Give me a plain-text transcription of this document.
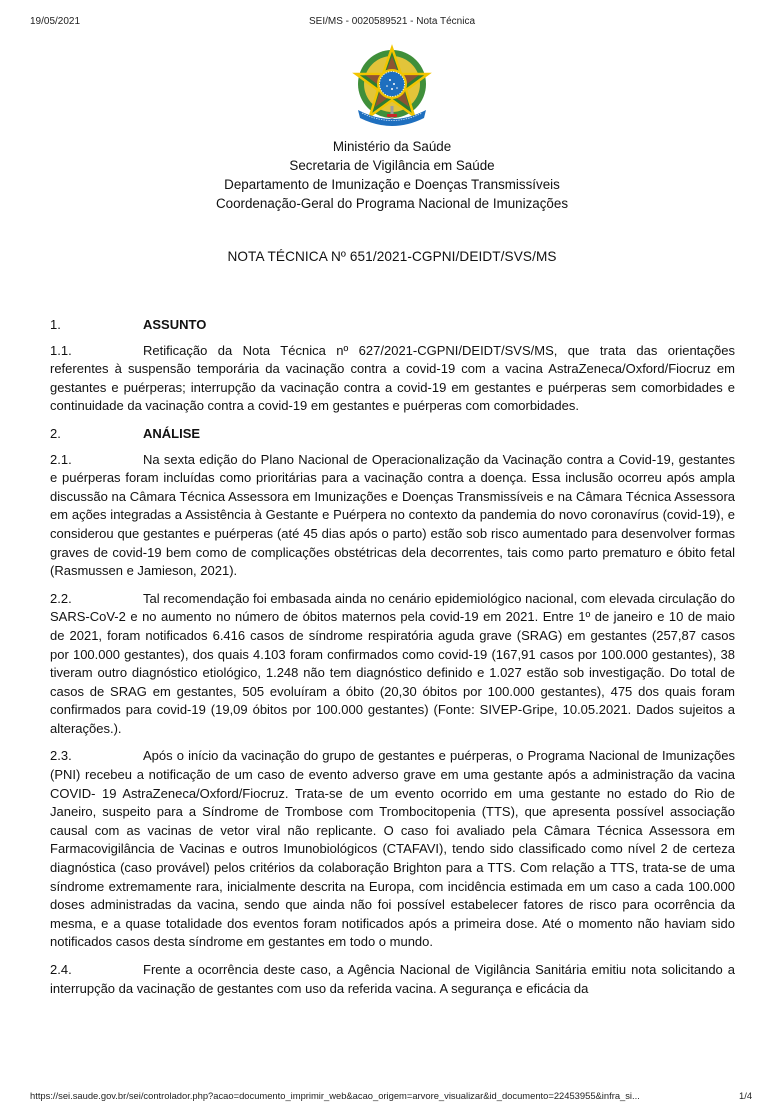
19/05/2021	SEI/MS - 0020589521 - Nota Técnica
Ministério da Saúde
Secretaria de Vigilância em Saúde
Departamento de Imunização e Doenças Transmissíveis
Coordenação-Geral do Programa Nacional de Imunizações
NOTA TÉCNICA Nº 651/2021-CGPNI/DEIDT/SVS/MS
1.	ASSUNTO

1.1.	Retificação da Nota Técnica nº 627/2021-CGPNI/DEIDT/SVS/MS, que trata das orientações referentes à suspensão temporária da vacinação contra a covid-19 com a vacina AstraZeneca/Oxford/Fiocruz em gestantes e puérperas; interrupção da vacinação contra a covid-19 em gestantes e puérperas sem comorbidades e continuidade da vacinação contra a covid-19 em gestantes e puérperas com comorbidades.

2.	ANÁLISE

2.1.	Na sexta edição do Plano Nacional de Operacionalização da Vacinação contra a Covid-19, gestantes e puérperas foram incluídas como prioritárias para a vacinação contra a doença. Essa inclusão ocorreu após ampla discussão na Câmara Técnica Assessora em Imunizações e Doenças Transmissíveis e na Câmara Técnica Assessora em ações integradas a Assistência à Gestante e Puérpera no contexto da pandemia do novo coronavírus (covid-19), e considerou que gestantes e puérperas (até 45 dias após o parto) estão sob risco aumentado para desenvolver formas graves de covid-19 bem como de complicações obstétricas dela decorrentes, tais como parto prematuro e óbito fetal (Rasmussen e Jamieson, 2021).

2.2.	Tal recomendação foi embasada ainda no cenário epidemiológico nacional, com elevada circulação do SARS-CoV-2 e no aumento no número de óbitos maternos pela covid-19 em 2021. Entre 1º de janeiro e 10 de maio de 2021, foram notificados 6.416 casos de síndrome respiratória aguda grave (SRAG) em gestantes (257,87 casos por 100.000 gestantes), dos quais 4.103 foram confirmados como covid-19 (167,91 casos por 100.000 gestantes), 38 tiveram outro diagnóstico etiológico, 1.248 não tem diagnóstico definido e 1.027 estão sob investigação. Do total de casos de SRAG em gestantes, 505 evoluíram a óbito (20,30 óbitos por 100.000 gestantes), 475 dos quais foram confirmados para covid-19 (19,09 óbitos por 100.000 gestantes) (Fonte: SIVEP-Gripe, 10.05.2021. Dados sujeitos a alterações.).

2.3.	Após o início da vacinação do grupo de gestantes e puérperas, o Programa Nacional de Imunizações (PNI) recebeu a notificação de um caso de evento adverso grave em uma gestante após a administração da vacina COVID- 19 AstraZeneca/Oxford/Fiocruz. Trata-se de um evento ocorrido em uma gestante no estado do Rio de Janeiro, suspeito para a Síndrome de Trombose com Trombocitopenia (TTS), que apresenta possível associação causal com as vacinas de vetor viral não replicante. O caso foi avaliado pela Câmara Técnica Assessora em Farmacovigilância de Vacinas e outros Imunobiológicos (CTAFAVI), tendo sido classificado como nível 2 de certeza diagnóstica (caso provável) pelos critérios da colaboração Brighton para a TTS. Com relação a TTS, trata-se de uma síndrome extremamente rara, inicialmente descrita na Europa, com incidência estimada em um caso a cada 100.000 doses administradas da vacina, sendo que ainda não foi possível estabelecer fatores de risco para ocorrência da mesma, e a quase totalidade dos eventos foram notificados após a primeira dose. Até o momento não haviam sido notificados casos desta síndrome em gestantes em todo o mundo.

2.4.	Frente a ocorrência deste caso, a Agência Nacional de Vigilância Sanitária emitiu nota solicitando a interrupção da vacinação de gestantes com uso da referida vacina. A segurança e eficácia da

https://sei.saude.gov.br/sei/controlador.php?acao=documento_imprimir_web&acao_origem=arvore_visualizar&id_documento=22453955&infra_si...	1/4
